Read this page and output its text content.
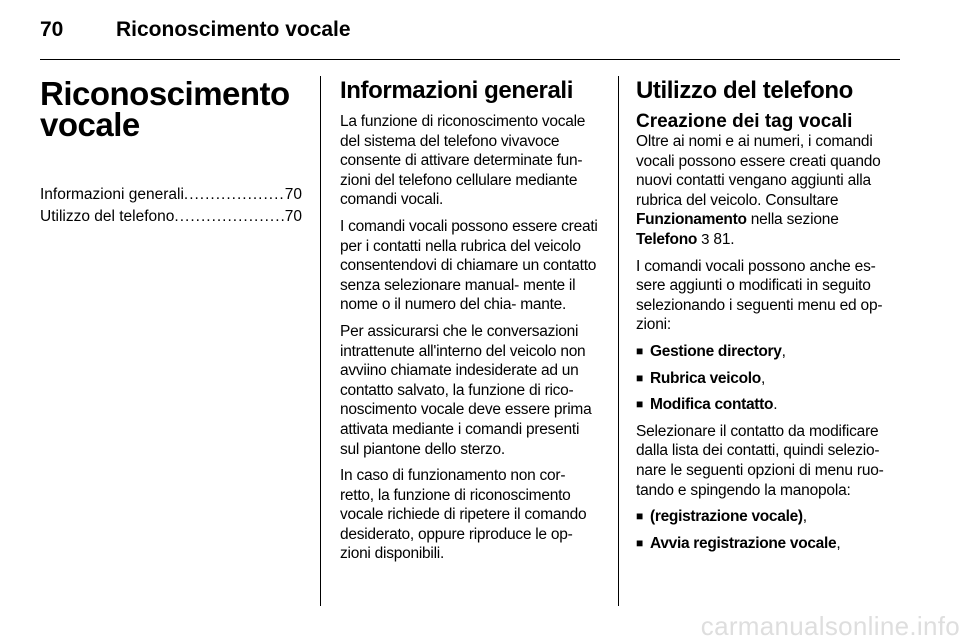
70	Riconoscimento vocale
Riconoscimento
vocale
Informazioni generali .....	70
Utilizzo del telefono .....	70
Informazioni generali

La funzione di riconoscimento vocale del sistema del telefono vivavoce consente di attivare determinate fun- zioni del telefono cellulare mediante comandi vocali.

I comandi vocali possono essere creati per i contatti nella rubrica del veicolo consentendovi di chiamare un contatto senza selezionare manual- mente il nome o il numero del chia- mante.

Per assicurarsi che le conversazioni intrattenute all'interno del veicolo non avviino chiamate indesiderate ad un contatto salvato, la funzione di rico- noscimento vocale deve essere prima attivata mediante i comandi presenti sul piantone dello sterzo.

In caso di funzionamento non cor- retto, la funzione di riconoscimento vocale richiede di ripetere il comando desiderato, oppure riproduce le op- zioni disponibili.

Utilizzo del telefono
Creazione dei tag vocali

Oltre ai nomi e ai numeri, i comandi vocali possono essere creati quando nuovi contatti vengano aggiunti alla rubrica del veicolo. Consultare
Funzionamento nella sezione
Telefono 3 81.

I comandi vocali possono anche es- sere aggiunti o modificati in seguito selezionando i seguenti menu ed op- zioni:

■ Gestione directory,
■ Rubrica veicolo,
■ Modifica contatto.

Selezionare il contatto da modificare dalla lista dei contatti, quindi selezio- nare le seguenti opzioni di menu ruo- tando e spingendo la manopola:

■ (registrazione vocale),
■ Avvia registrazione vocale,
carmanualsonline.info
